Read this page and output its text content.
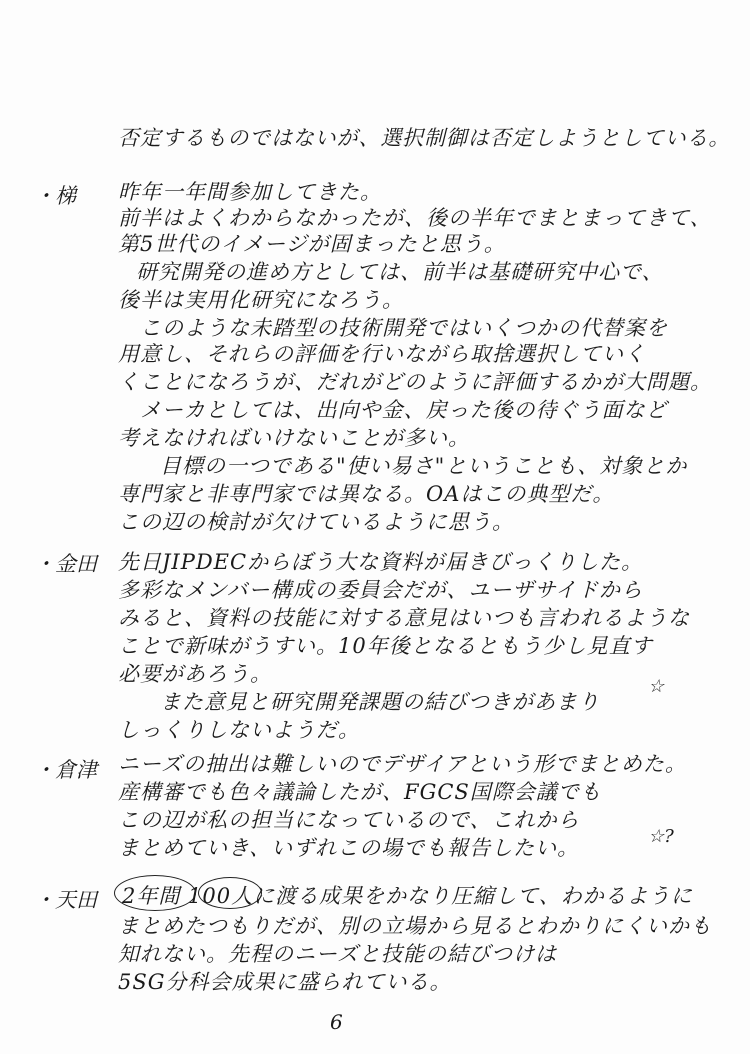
否定するものではないが、選択制御は否定しようとしている。
・梯 昨年一年間参加してきた。
前半はよくわからなかったが、後の半年でまとまってきて、
第5世代のイメージが固まったと思う。
研究開発の進め方としては、前半は基礎研究中心で、
後半は実用化研究になろう。
このような未踏型の技術開発ではいくつかの代替案を
用意し、それらの評価を行いながら取捨選択していく
くことになろうが、だれがどのように評価するかが大問題。
メーカとしては、出向や金、戻った後の待ぐう面など
考えなければいけないことが多い。
目標の一つである"使い易さ"ということも、対象とか
専門家と非専門家では異なる。OAはこの典型だ。
この辺の検討が欠けているように思う。
・金田 先日JIPDECからぼう大な資料が届きびっくりした。
多彩なメンバー構成の委員会だが、ユーザサイドから
みると、資料の技能に対する意見はいつも言われるような
ことで新味がうすい。10年後となるともう少し見直す
必要があろう。
また意見と研究開発課題の結びつきがあまり
しっくりしないようだ。
☆
・倉津 ニーズの抽出は難しいのでデザイアという形でまとめた。
産構審でも色々議論したが、FGCS国際会議でも
この辺が私の担当になっているので、これから
まとめていき、いずれこの場でも報告したい。	☆?
・天田 2年間 100人に渡る成果をかなり圧縮して、わかるように
まとめたつもりだが、別の立場から見るとわかりにくいかも
知れない。先程のニーズと技能の結びつけは
5SG分科会成果に盛られている。
6
